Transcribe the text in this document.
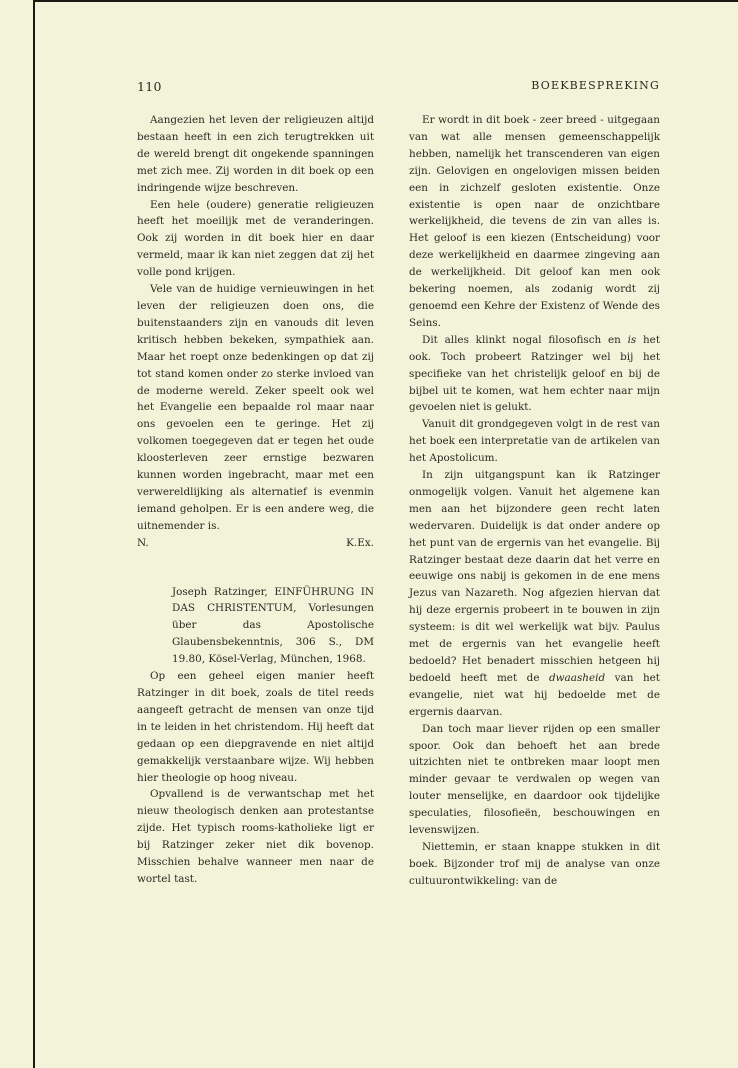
110	BOEKBESPREKING

Aangezien het leven der religieuzen altijd bestaan heeft in een zich terugtrekken uit de wereld brengt dit ongekende spanningen met zich mee. Zij worden in dit boek op een indringende wijze beschreven.

Een hele (oudere) generatie religieuzen heeft het moeilijk met de veranderingen. Ook zij worden in dit boek hier en daar vermeld, maar ik kan niet zeggen dat zij het volle pond krijgen.

Vele van de huidige vernieuwingen in het leven der religieuzen doen ons, die buitenstaanders zijn en vanouds dit leven kritisch hebben bekeken, sympathiek aan. Maar het roept onze bedenkingen op dat zij tot stand komen onder zo sterke invloed van de moderne wereld. Zeker speelt ook wel het Evangelie een bepaalde rol maar naar ons gevoelen een te geringe. Het zij volkomen toegegeven dat er tegen het oude kloosterleven zeer ernstige bezwaren kunnen worden ingebracht, maar met een verwereldlijking als alternatief is evenmin iemand geholpen. Er is een andere weg, die uitnemender is.

N.	K.Ex.

Joseph Ratzinger, EINFÜHRUNG IN DAS CHRISTENTUM, Vorlesungen über das Apostolische Glaubensbekenntnis, 306 S., DM 19.80, Kösel-Verlag, München, 1968.

Op een geheel eigen manier heeft Ratzinger in dit boek, zoals de titel reeds aangeeft getracht de mensen van onze tijd in te leiden in het christendom. Hij heeft dat gedaan op een diepgravende en niet altijd gemakkelijk verstaanbare wijze. Wij hebben hier theologie op hoog niveau.

Opvallend is de verwantschap met het nieuw theologisch denken aan protestantse zijde. Het typisch rooms-katholieke ligt er bij Ratzinger zeker niet dik bovenop. Misschien behalve wanneer men naar de wortel tast.

Er wordt in dit boek - zeer breed - uitgegaan van wat alle mensen gemeenschappelijk hebben, namelijk het transcenderen van eigen zijn. Gelovigen en ongelovigen missen beiden een in zichzelf gesloten existentie. Onze existentie is open naar de onzichtbare werkelijkheid, die tevens de zin van alles is. Het geloof is een kiezen (Entscheidung) voor deze werkelijkheid en daarmee zingeving aan de werkelijkheid. Dit geloof kan men ook bekering noemen, als zodanig wordt zij genoemd een Kehre der Existenz of Wende des Seins.

Dit alles klinkt nogal filosofisch en is het ook. Toch probeert Ratzinger wel bij het specifieke van het christelijk geloof en bij de bijbel uit te komen, wat hem echter naar mijn gevoelen niet is gelukt.

Vanuit dit grondgegeven volgt in de rest van het boek een interpretatie van de artikelen van het Apostolicum.

In zijn uitgangspunt kan ik Ratzinger onmogelijk volgen. Vanuit het algemene kan men aan het bijzondere geen recht laten wedervaren. Duidelijk is dat onder andere op het punt van de ergernis van het evangelie. Bij Ratzinger bestaat deze daarin dat het verre en eeuwige ons nabij is gekomen in de ene mens Jezus van Nazareth. Nog afgezien hiervan dat hij deze ergernis probeert in te bouwen in zijn systeem: is dit wel werkelijk wat bijv. Paulus met de ergernis van het evangelie heeft bedoeld? Het benadert misschien hetgeen hij bedoeld heeft met de dwaasheid van het evangelie, niet wat hij bedoelde met de ergernis daarvan.

Dan toch maar liever rijden op een smaller spoor. Ook dan behoeft het aan brede uitzichten niet te ontbreken maar loopt men minder gevaar te verdwalen op wegen van louter menselijke, en daardoor ook tijdelijke speculaties, filosofieën, beschouwingen en levenswijzen.

Niettemin, er staan knappe stukken in dit boek. Bijzonder trof mij de analyse van onze cultuurontwikkeling: van de
